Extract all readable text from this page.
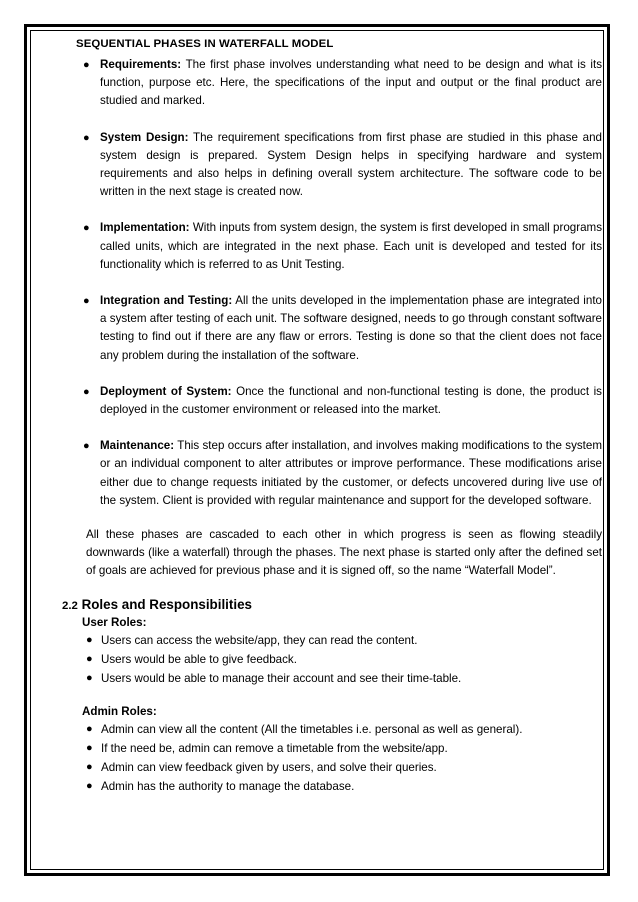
SEQUENTIAL PHASES IN WATERFALL MODEL
● Requirements: The first phase involves understanding what need to be design and what is its function, purpose etc. Here, the specifications of the input and output or the final product are studied and marked.
● System Design: The requirement specifications from first phase are studied in this phase and system design is prepared. System Design helps in specifying hardware and system requirements and also helps in defining overall system architecture. The software code to be written in the next stage is created now.
● Implementation: With inputs from system design, the system is first developed in small programs called units, which are integrated in the next phase. Each unit is developed and tested for its functionality which is referred to as Unit Testing.
● Integration and Testing: All the units developed in the implementation phase are integrated into a system after testing of each unit. The software designed, needs to go through constant software testing to find out if there are any flaw or errors. Testing is done so that the client does not face any problem during the installation of the software.
● Deployment of System: Once the functional and non-functional testing is done, the product is deployed in the customer environment or released into the market.
● Maintenance: This step occurs after installation, and involves making modifications to the system or an individual component to alter attributes or improve performance. These modifications arise either due to change requests initiated by the customer, or defects uncovered during live use of the system. Client is provided with regular maintenance and support for the developed software.
All these phases are cascaded to each other in which progress is seen as flowing steadily downwards (like a waterfall) through the phases. The next phase is started only after the defined set of goals are achieved for previous phase and it is signed off, so the name “Waterfall Model”.
2.2 Roles and Responsibilities
User Roles:
● Users can access the website/app, they can read the content.
● Users would be able to give feedback.
● Users would be able to manage their account and see their time-table.
Admin Roles:
● Admin can view all the content (All the timetables i.e. personal as well as general).
● If the need be, admin can remove a timetable from the website/app.
● Admin can view feedback given by users, and solve their queries.
● Admin has the authority to manage the database.
